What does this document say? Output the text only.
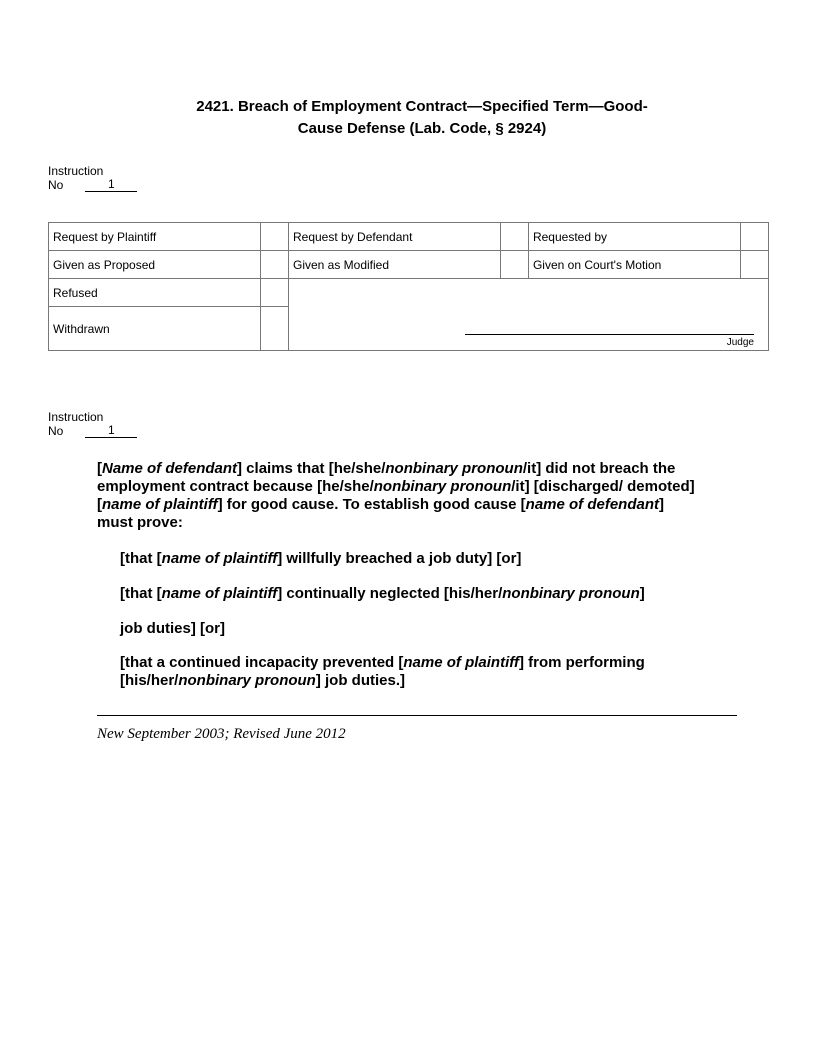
2421. Breach of Employment Contract—Specified Term—Good-
Cause Defense (Lab. Code, § 2924)
Instruction
No	1
Request by Plaintiff		Request by Defendant		Requested by	
Given as Proposed		Given as Modified		Given on Court's Motion	
Refused		Judge			

Withdrawn					
Instruction
No	1

[Name of defendant] claims that [he/she/nonbinary pronoun/it] did not breach the employment contract because [he/she/nonbinary pronoun/it] [discharged/ demoted] [name of plaintiff] for good cause. To establish good cause [name of defendant] must prove:

[that [name of plaintiff] willfully breached a job duty] [or]

[that [name of plaintiff] continually neglected [his/her/nonbinary pronoun]

job duties] [or]

[that a continued incapacity prevented [name of plaintiff] from performing [his/her/nonbinary pronoun] job duties.]

New September 2003; Revised June 2012
